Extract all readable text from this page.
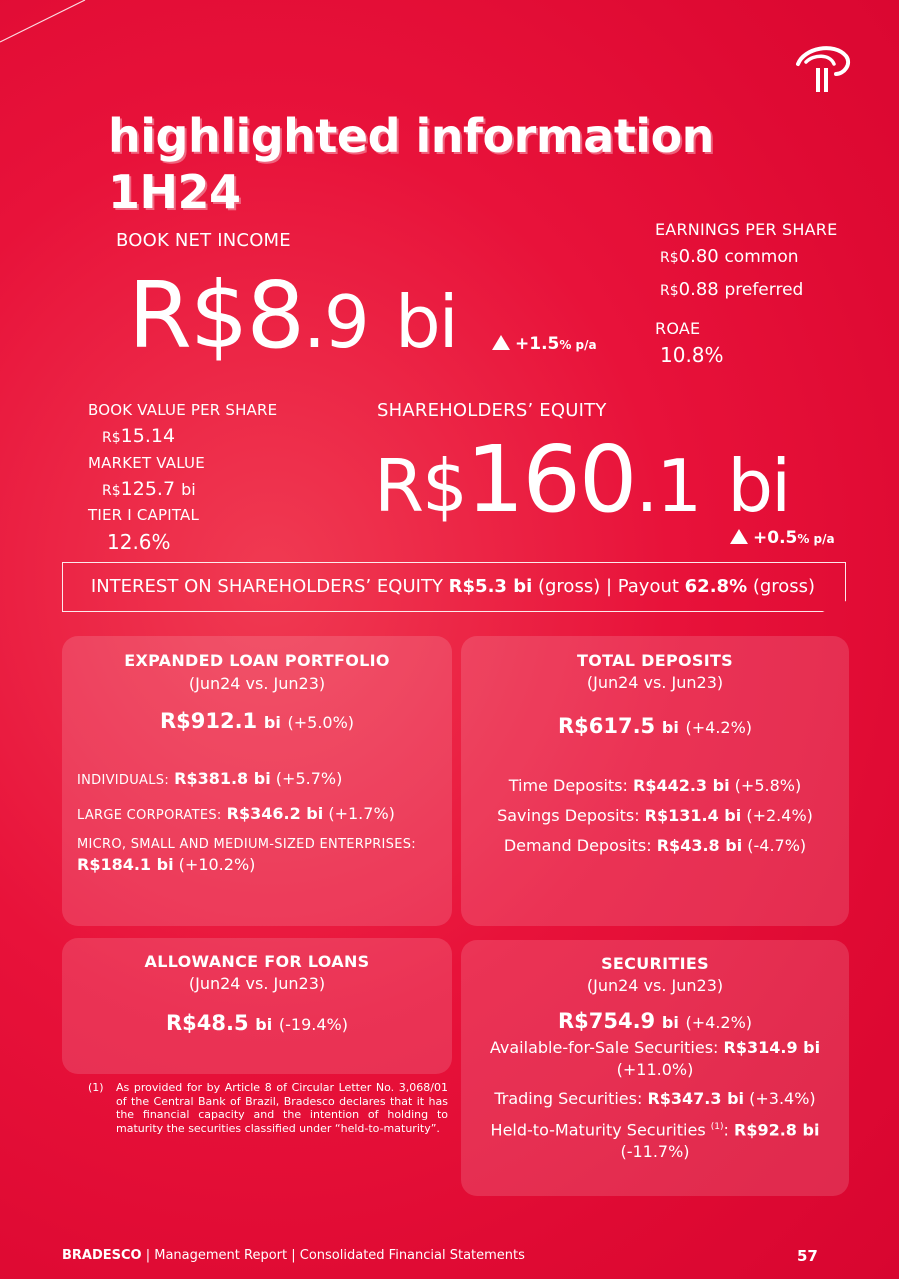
highlighted information
1H24
BOOK NET INCOME
R$8.9 bi	+1.5% p/a
EARNINGS PER SHARE
R$0.80 common
R$0.88 preferred
ROAE
10.8%
BOOK VALUE PER SHARE
R$15.14
MARKET VALUE
R$125.7 bi
TIER I CAPITAL
12.6%
SHAREHOLDERS’ EQUITY
R$160.1 bi
+0.5% p/a
INTEREST ON SHAREHOLDERS’ EQUITY R$5.3 bi (gross) | Payout 62.8% (gross)
EXPANDED LOAN PORTFOLIO
(Jun24 vs. Jun23)
R$912.1 bi (+5.0%)
INDIVIDUALS: R$381.8 bi (+5.7%)
LARGE CORPORATES: R$346.2 bi (+1.7%)
MICRO, SMALL AND MEDIUM-SIZED ENTERPRISES:
R$184.1 bi (+10.2%)
TOTAL DEPOSITS
(Jun24 vs. Jun23)
R$617.5 bi (+4.2%)
Time Deposits: R$442.3 bi (+5.8%)
Savings Deposits: R$131.4 bi (+2.4%)
Demand Deposits: R$43.8 bi (-4.7%)
ALLOWANCE FOR LOANS
(Jun24 vs. Jun23)
R$48.5 bi (-19.4%)
SECURITIES
(Jun24 vs. Jun23)
R$754.9 bi (+4.2%)
Available-for-Sale Securities: R$314.9 bi
(+11.0%)
Trading Securities: R$347.3 bi (+3.4%)
Held-to-Maturity Securities $^{(1)}$: R$92.8 bi
(-11.7%)
(1) As provided for by Article 8 of Circular Letter No. 3,068/01 of the Central Bank of Brazil, Bradesco declares that it has the financial capacity and the intention of holding to maturity the securities classified under “held-to-maturity”.
BRADESCO | Management Report | Consolidated Financial Statements	57
